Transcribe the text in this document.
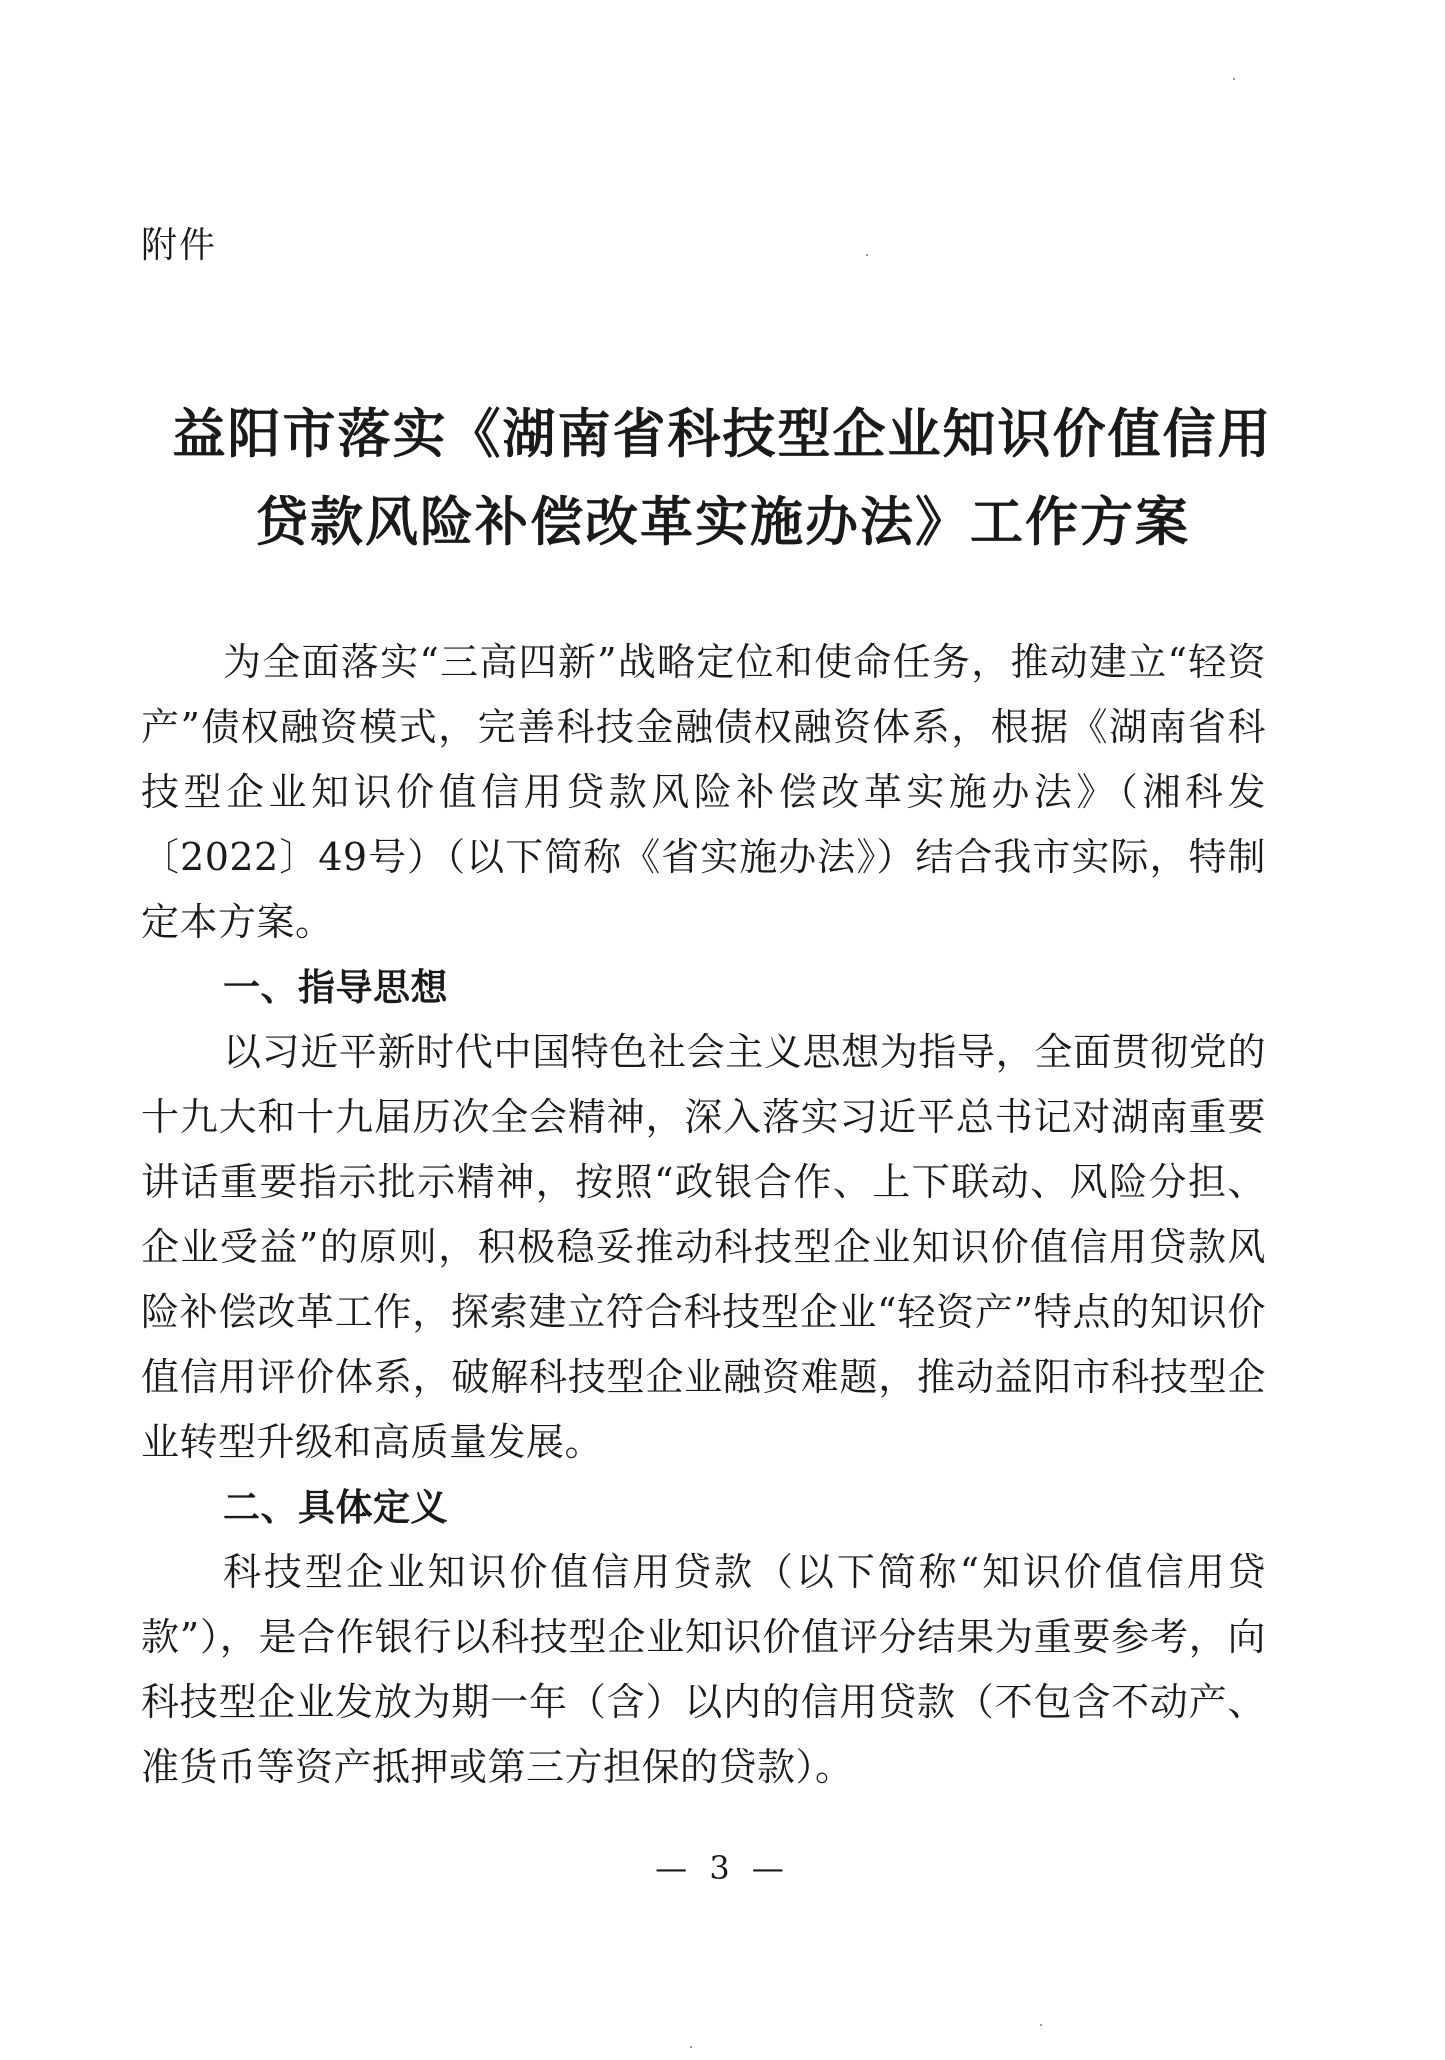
附件
益阳市落实《湖南省科技型企业知识价值信用
贷款风险补偿改革实施办法》工作方案

为全面落实“三高四新”战略定位和使命任务，推动建立“轻资产”债权融资模式，完善科技金融债权融资体系，根据《湖南省科技型企业知识价值信用贷款风险补偿改革实施办法》（湘科发〔2022〕49号）（以下简称《省实施办法》）结合我市实际，特制定本方案。

一、指导思想

以习近平新时代中国特色社会主义思想为指导，全面贯彻党的十九大和十九届历次全会精神，深入落实习近平总书记对湖南重要讲话重要指示批示精神，按照“政银合作、上下联动、风险分担、企业受益”的原则，积极稳妥推动科技型企业知识价值信用贷款风险补偿改革工作，探索建立符合科技型企业“轻资产”特点的知识价值信用评价体系，破解科技型企业融资难题，推动益阳市科技型企业转型升级和高质量发展。

二、具体定义

科技型企业知识价值信用贷款（以下简称“知识价值信用贷款”），是合作银行以科技型企业知识价值评分结果为重要参考，向科技型企业发放为期一年（含）以内的信用贷款（不包含不动产、准货币等资产抵押或第三方担保的贷款）。

— 3 —
